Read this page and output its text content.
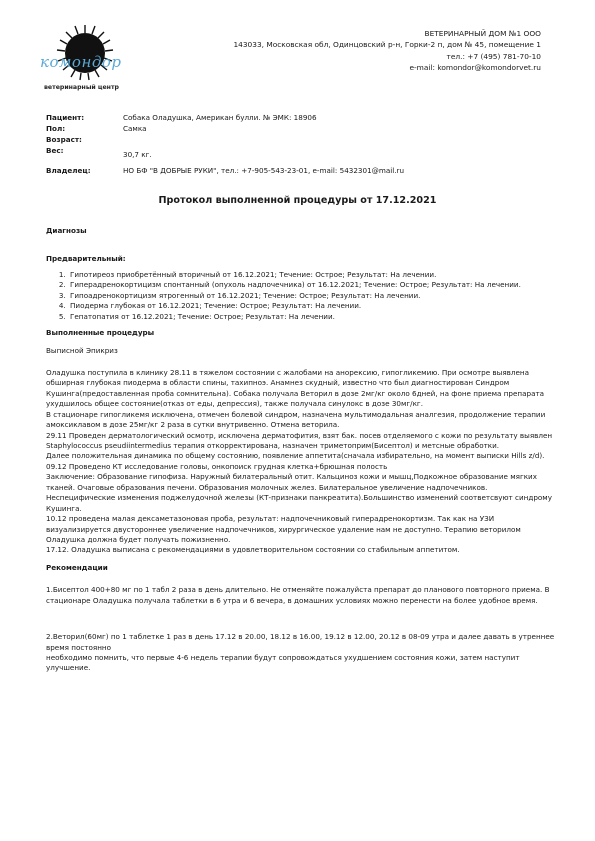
комондор
ветеринарный центр
ВЕТЕРИНАРНЫЙ ДОМ №1 ООО
143033, Московская обл, Одинцовский р-н, Горки-2 п, дом № 45, помещение 1
тел.: +7 (495) 781-70-10
e-mail: komondor@komondorvet.ru
Пациент:	Собака Оладушка, Американ булли. № ЭМК: 18906
Пол:	Самка
Возраст:
Вес:	30,7 кг.
Владелец:	НО БФ "В ДОБРЫЕ РУКИ", тел.: +7-905-543-23-01, e-mail: 5432301@mail.ru
Протокол выполненной процедуры от 17.12.2021

Диагнозы

Предварительный:

1. Гипотиреоз приобретённый вторичный от 16.12.2021; Течение: Острое; Результат: На лечении.
2. Гиперадренокортицизм спонтанный (опухоль надпочечника) от 16.12.2021; Течение: Острое; Результат: На лечении.
3. Гипоадренокортицизм ятрогенный от 16.12.2021; Течение: Острое; Результат: На лечении.
4. Пиодерма глубокая от 16.12.2021; Течение: Острое; Результат: На лечении.
5. Гепатопатия от 16.12.2021; Течение: Острое; Результат: На лечении.

Выполненные процедуры

Выписной Эпикриз

Оладушка поступила в клинику 28.11 в тяжелом состоянии с жалобами на анорексию, гипогликемию. При осмотре выявлена обширная глубокая пиодерма в области спины, тахипноэ. Анамнез скудный, известно что был диагностирован Синдром Кушинга(предоставленная проба сомнительна). Собака получала Веторил в дозе 2мг/кг около 6дней, на фоне приема препарата ухудшилось общее состояние(отказ от еды, депрессия), также получала синулокс в дозе 30мг/кг.

В стационаре гипогликемя исключена, отмечен болевой синдром, назначена мультимодальная аналгезия, продолжение терапии амоксиклавом в дозе 25мг/кг 2 раза в сутки внутривенно. Отмена веторила.

29.11 Проведен дерматологический осмотр, исключена дерматофития, взят бак. посев отделяемого с кожи по результату выявлен Staphylococcus pseudiintermedius терапия откорректирована, назначен триметоприм(Бисептол) и метсные обработки.

Далее положительная динамика по общему состоянию, появление аппетита(сначала избирательно, на момент выписки Hills z/d).

09.12 Проведено КТ исследование головы, онкопоиск грудная клетка+брюшная полость

Заключение: Образование гипофиза. Наружный билатеральный отит. Кальциноз кожи и мышц,Подкожное образование мягких тканей. Очаговые образования печени. Образования молочных желез. Билатеральное увеличение надпочечников. Неспецифические изменения поджелудочной железы (КТ-признаки панкреатита).Большинство изменений соответсвуют синдрому Кушинга.

10.12 проведена малая дексаметазоновая проба, результат: надпочечниковый гиперадренокортизм. Так как на УЗИ визуализируется двустороннее увеличение надпочечников, хирургическое удаление нам не доступно. Терапию веторилом Оладушка должна будет получать пожизненно.

17.12. Оладушка выписана с рекомендациями в удовлетворительном состоянии со стабильным аппетитом.

Рекомендации

1.Бисептол 400+80 мг по 1 табл 2 раза в день длительно. Не отменяйте пожалуйста препарат до планового повторного приема. В стационаре Оладушка получала таблетки в 6 утра и 6 вечера, в домашних условиях можно перенести на более удобное время.

2.Веторил(60мг) по 1 таблетке 1 раз в день 17.12 в 20.00, 18.12 в 16.00, 19.12 в 12.00, 20.12 в 08-09 утра и далее давать в утреннее время постоянно

необходимо помнить, что первые 4-6 недель терапии будут сопровождаться ухудшением состояния кожи, затем наступит улучшение.
